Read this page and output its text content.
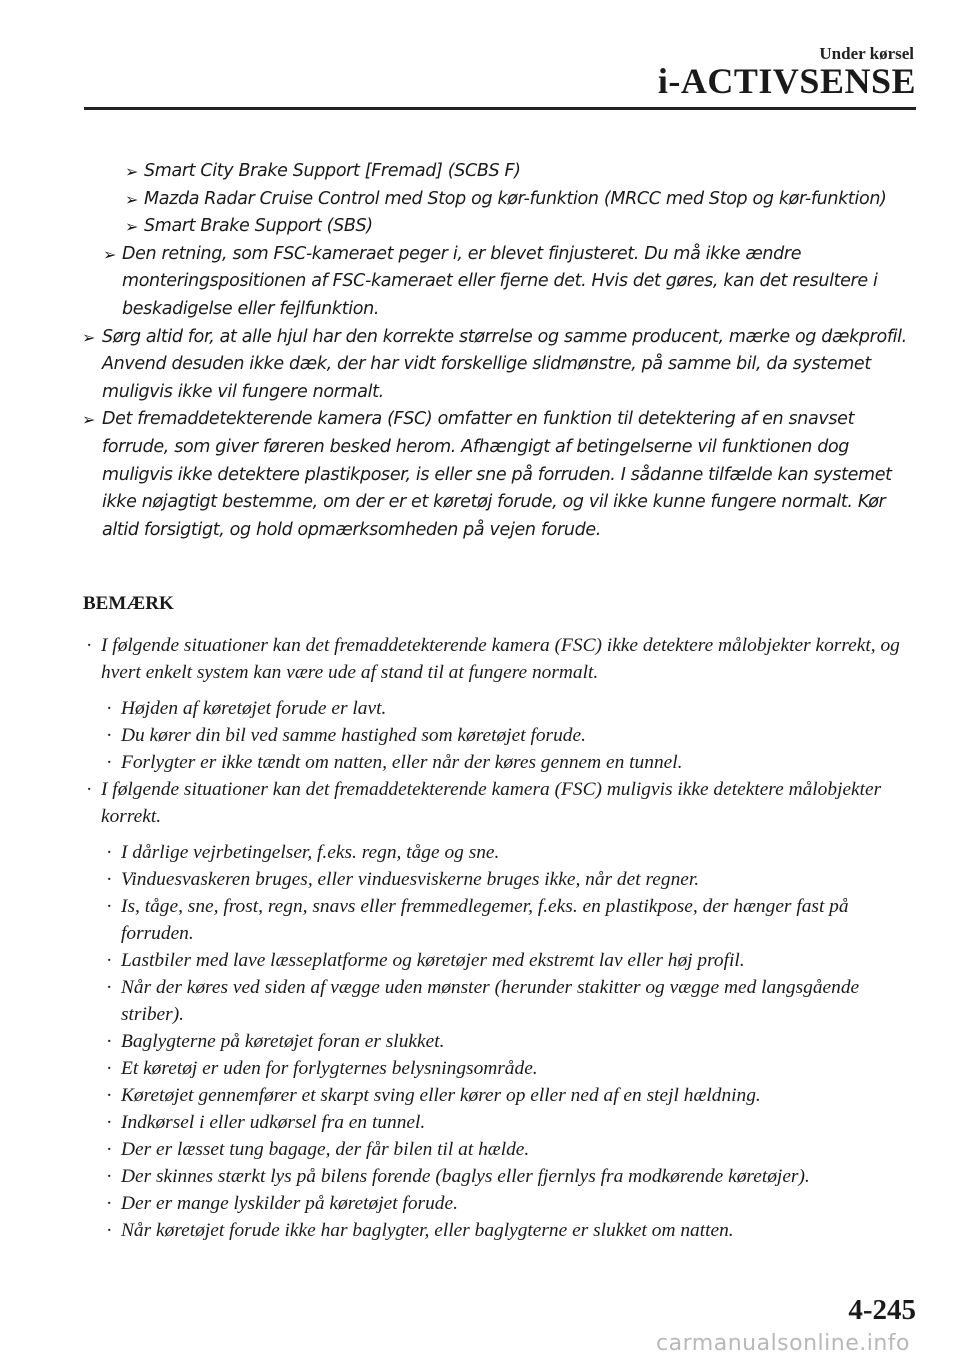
Under kørsel
i-ACTIVSENSE
➢ Smart City Brake Support [Fremad] (SCBS F)
➢ Mazda Radar Cruise Control med Stop og kør-funktion (MRCC med Stop og kør-funktion)
➢ Smart Brake Support (SBS)
➢ Den retning, som FSC-kameraet peger i, er blevet finjusteret. Du må ikke ændre monteringspositionen af FSC-kameraet eller fjerne det. Hvis det gøres, kan det resultere i beskadigelse eller fejlfunktion.
➢ Sørg altid for, at alle hjul har den korrekte størrelse og samme producent, mærke og dækprofil. Anvend desuden ikke dæk, der har vidt forskellige slidmønstre, på samme bil, da systemet muligvis ikke vil fungere normalt.
➢ Det fremaddetekterende kamera (FSC) omfatter en funktion til detektering af en snavset forrude, som giver føreren besked herom. Afhængigt af betingelserne vil funktionen dog muligvis ikke detektere plastikposer, is eller sne på forruden. I sådanne tilfælde kan systemet ikke nøjagtigt bestemme, om der er et køretøj forude, og vil ikke kunne fungere normalt. Kør altid forsigtigt, og hold opmærksomheden på vejen forude.
BEMÆRK
· I følgende situationer kan det fremaddetekterende kamera (FSC) ikke detektere målobjekter korrekt, og hvert enkelt system kan være ude af stand til at fungere normalt.
· Højden af køretøjet forude er lavt.
· Du kører din bil ved samme hastighed som køretøjet forude.
· Forlygter er ikke tændt om natten, eller når der køres gennem en tunnel.
· I følgende situationer kan det fremaddetekterende kamera (FSC) muligvis ikke detektere målobjekter korrekt.
· I dårlige vejrbetingelser, f.eks. regn, tåge og sne.
· Vinduesvaskeren bruges, eller vinduesviskerne bruges ikke, når det regner.
· Is, tåge, sne, frost, regn, snavs eller fremmedlegemer, f.eks. en plastikpose, der hænger fast på forruden.
· Lastbiler med lave læsseplatforme og køretøjer med ekstremt lav eller høj profil.
· Når der køres ved siden af vægge uden mønster (herunder stakitter og vægge med langsgående striber).
· Baglygterne på køretøjet foran er slukket.
· Et køretøj er uden for forlygternes belysningsområde.
· Køretøjet gennemfører et skarpt sving eller kører op eller ned af en stejl hældning.
· Indkørsel i eller udkørsel fra en tunnel.
· Der er læsset tung bagage, der får bilen til at hælde.
· Der skinnes stærkt lys på bilens forende (baglys eller fjernlys fra modkørende køretøjer).
· Der er mange lyskilder på køretøjet forude.
· Når køretøjet forude ikke har baglygter, eller baglygterne er slukket om natten.
4-245
carmanualsonline.info
